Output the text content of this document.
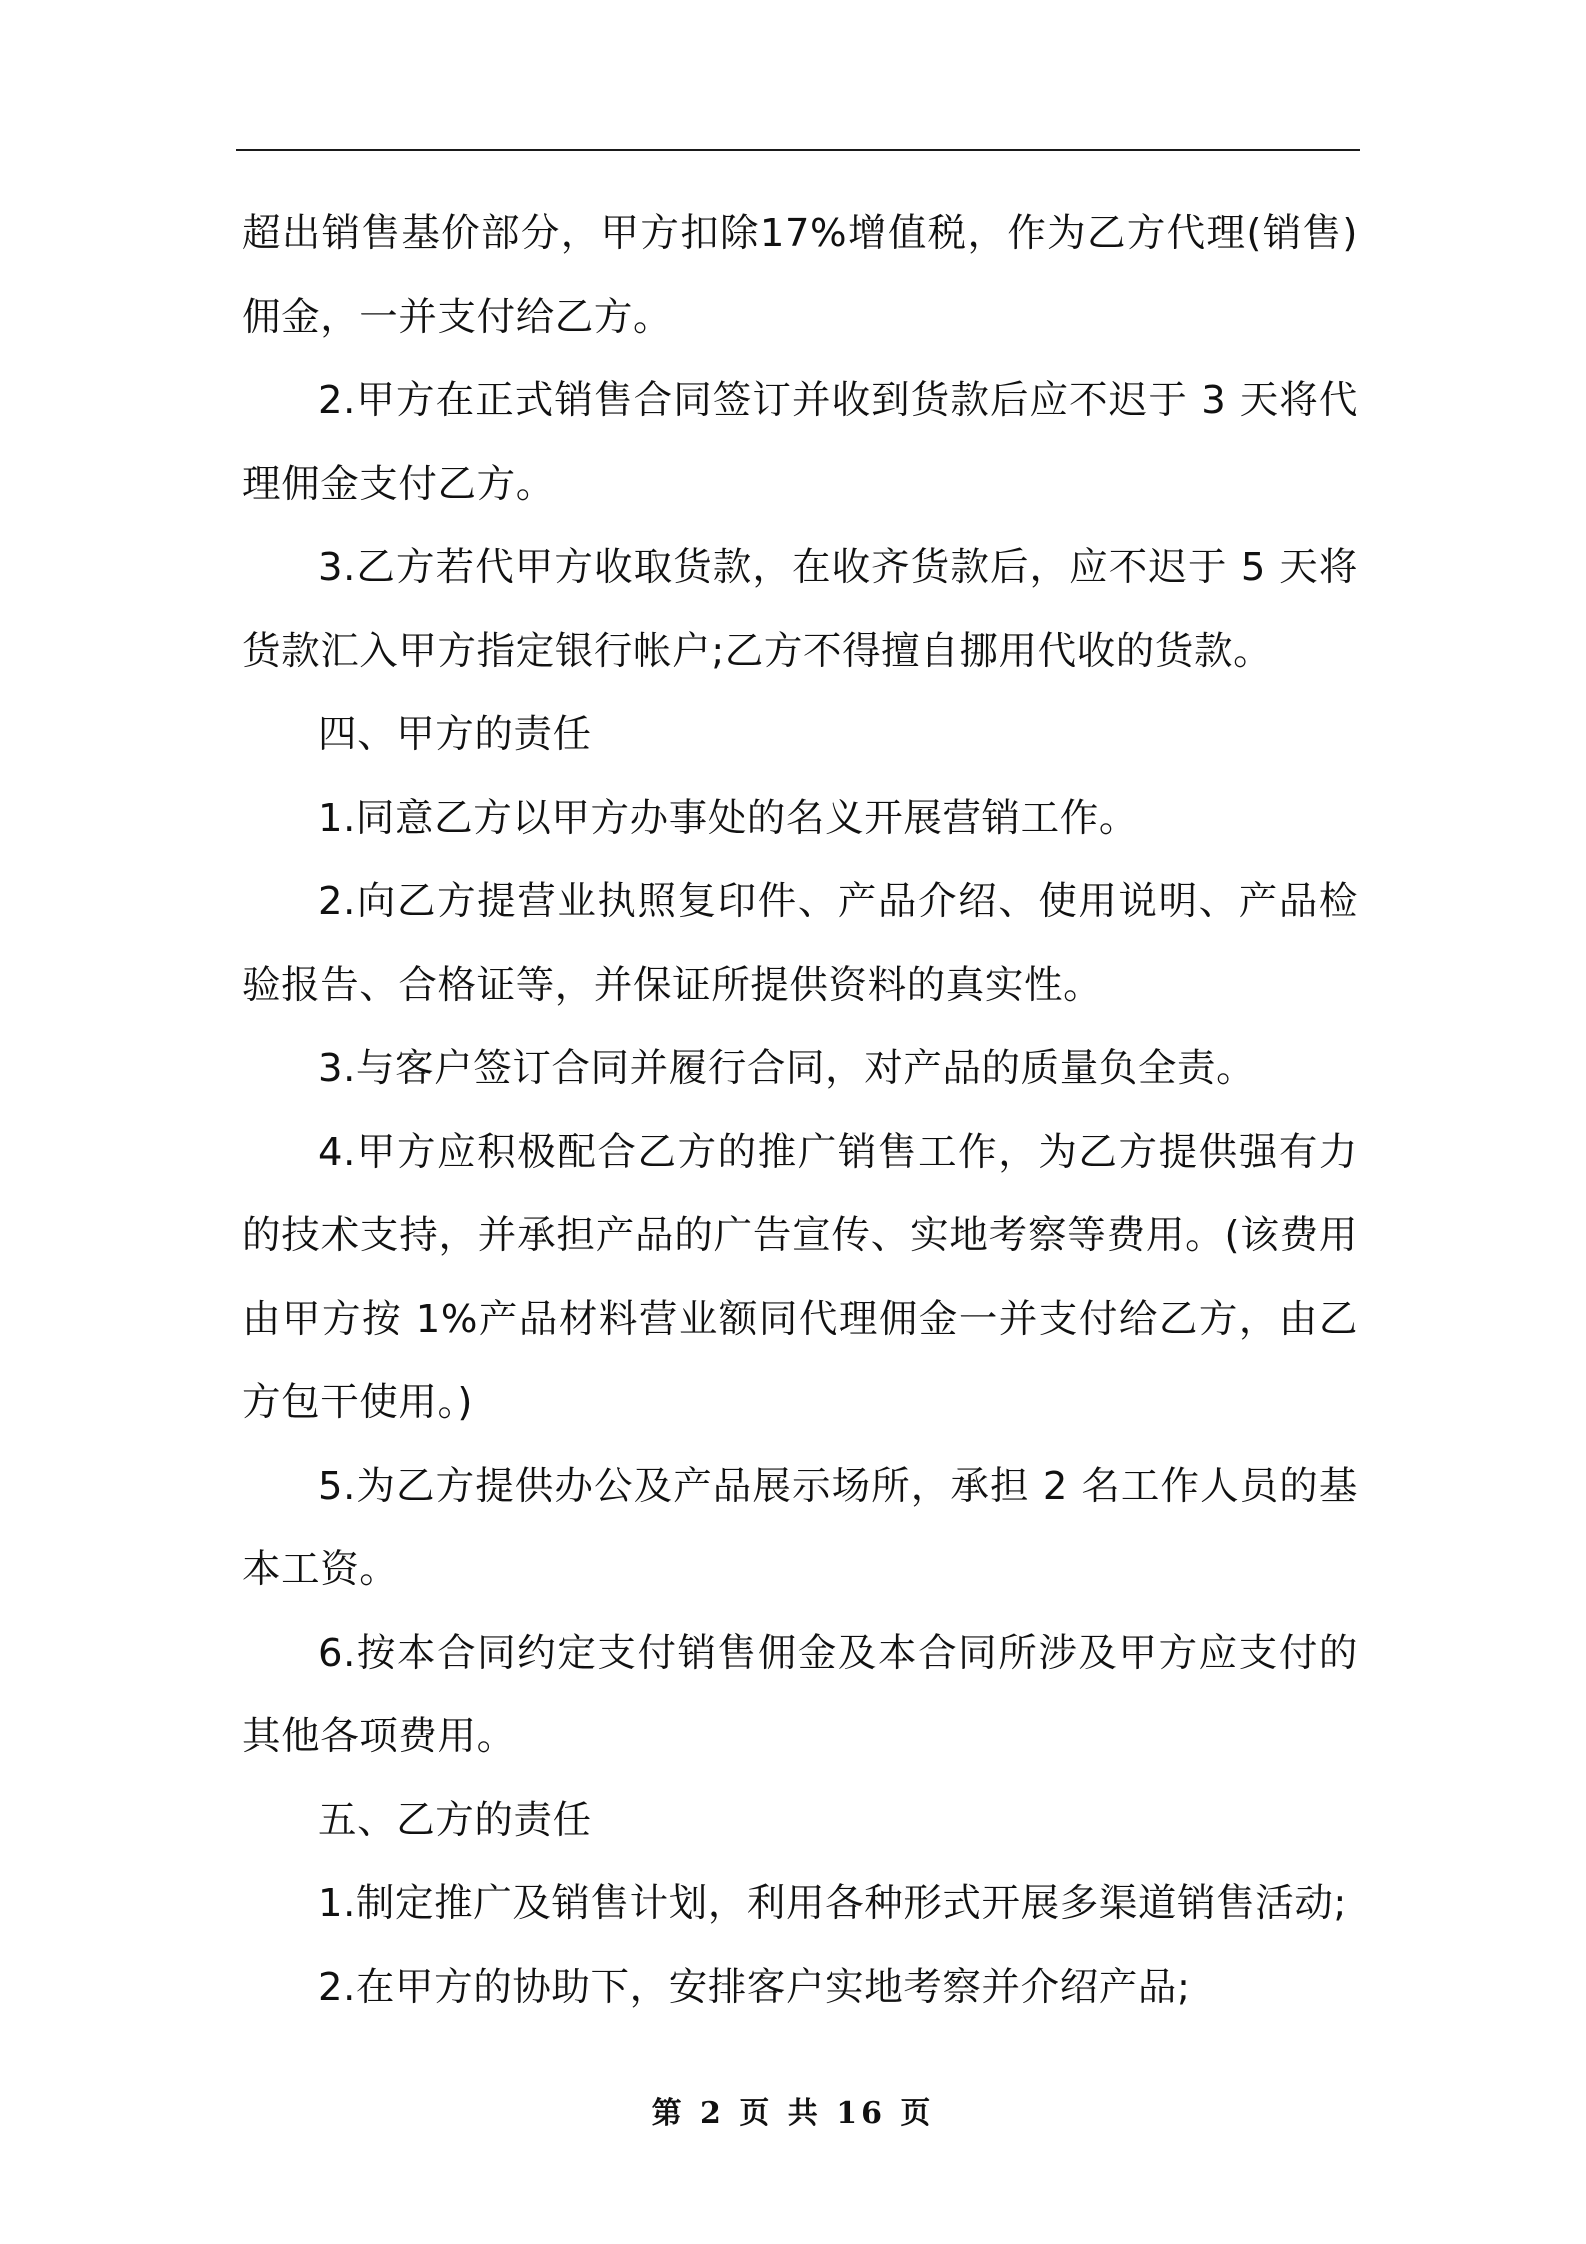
超出销售基价部分，甲方扣除17%增值税，作为乙方代理(销售)佣金，一并支付给乙方。

2.甲方在正式销售合同签订并收到货款后应不迟于 3 天将代理佣金支付乙方。

3.乙方若代甲方收取货款，在收齐货款后，应不迟于 5 天将货款汇入甲方指定银行帐户;乙方不得擅自挪用代收的货款。

四、甲方的责任

1.同意乙方以甲方办事处的名义开展营销工作。

2.向乙方提营业执照复印件、产品介绍、使用说明、产品检验报告、合格证等，并保证所提供资料的真实性。

3.与客户签订合同并履行合同，对产品的质量负全责。

4.甲方应积极配合乙方的推广销售工作，为乙方提供强有力的技术支持，并承担产品的广告宣传、实地考察等费用。(该费用由甲方按 1%产品材料营业额同代理佣金一并支付给乙方，由乙方包干使用。)

5.为乙方提供办公及产品展示场所，承担 2 名工作人员的基本工资。

6.按本合同约定支付销售佣金及本合同所涉及甲方应支付的其他各项费用。

五、乙方的责任

1.制定推广及销售计划，利用各种形式开展多渠道销售活动;

2.在甲方的协助下，安排客户实地考察并介绍产品;

第 2 页 共 16 页
